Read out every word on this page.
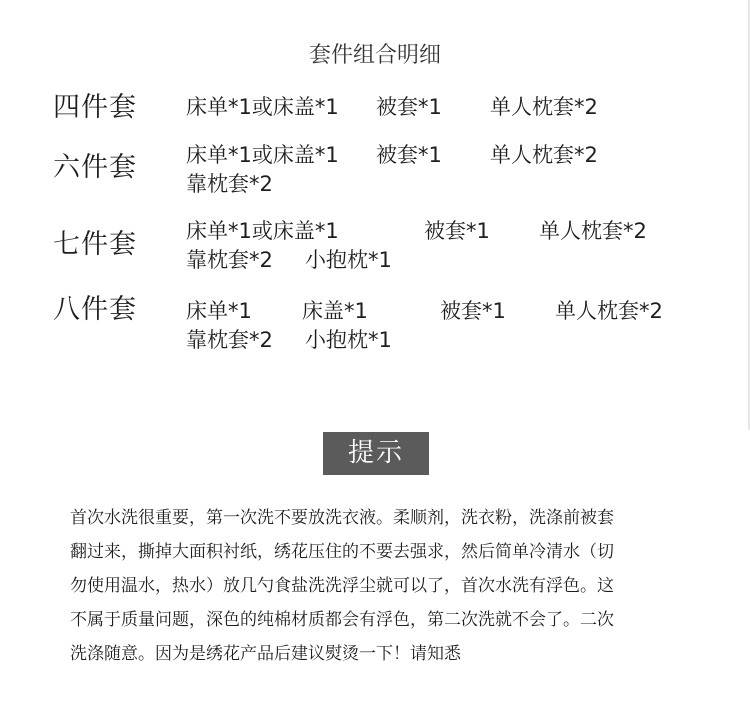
套件组合明细
四件套 床单*1或床盖*1 被套*1 单人枕套*2
六件套 床单*1或床盖*1 被套*1 单人枕套*2
靠枕套*2
七件套 床单*1或床盖*1	被套*1 单人枕套*2
靠枕套*2 小抱枕*1
八件套 床单*1 床盖*1	被套*1 单人枕套*2
靠枕套*2 小抱枕*1
提示
首次水洗很重要，第一次洗不要放洗衣液。柔顺剂，洗衣粉，洗涤前被套
翻过来，撕掉大面积衬纸，绣花压住的不要去强求，然后简单冷清水（切
勿使用温水，热水）放几勺食盐洗洗浮尘就可以了，首次水洗有浮色。这
不属于质量问题，深色的纯棉材质都会有浮色，第二次洗就不会了。二次
洗涤随意。因为是绣花产品后建议熨烫一下！请知悉
